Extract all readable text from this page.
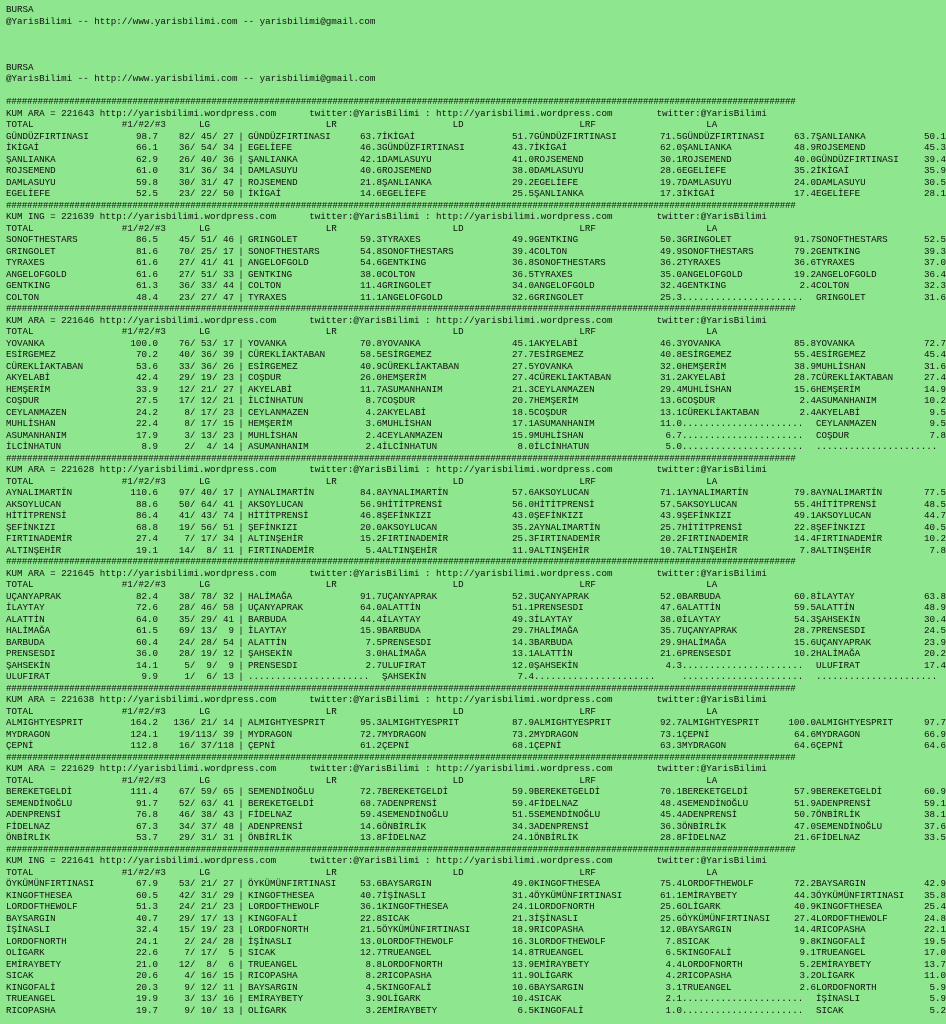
BURSA
@YarisBilimi -- http://www.yarisbilimi.com -- yarisbilimi@gmail.com
BURSA
@YarisBilimi -- http://www.yarisbilimi.com -- yarisbilimi@gmail.com
######################################################################################################################################################
KUM ARA = 221643 http://yarisbilimi.wordpress.com      twitter:@YarisBilimi : http://yarisbilimi.wordpress.com        twitter:@YarisBilimi
TOTAL                #1/#2/#3      LG                     LR                     LD                     LRF                    LA
GÜNDÜZFIRTINASI	98.7	82/ 45/ 27 | GÜNDÜZFIRTINASI	63.7 İKİGAİ	51.7 GÜNDÜZFIRTINASI	71.5 GÜNDÜZFIRTINASI	63.7 ŞANLIANKA	50.1
İKİGAİ	66.1	36/ 54/ 34 | EGELİEFE	46.3 GÜNDÜZFIRTINASI	43.7 İKİGAİ	62.0 ŞANLIANKA	48.9 ROJSEMEND	45.3
ŞANLIANKA	62.9	26/ 40/ 36 | ŞANLIANKA	42.1 DAMLASUYU	41.0 ROJSEMEND	30.1 ROJSEMEND	40.0 GÜNDÜZFIRTINASI	39.4
ROJSEMEND	61.0	31/ 36/ 34 | DAMLASUYU	40.6 ROJSEMEND	38.0 DAMLASUYU	28.6 EGELİEFE	35.2 İKİGAİ	35.9
DAMLASUYU	59.8	30/ 31/ 47 | ROJSEMEND	21.8 ŞANLIANKA	29.2 EGELİEFE	19.7 DAMLASUYU	24.0 DAMLASUYU	30.5
EGELİEFE	52.5	23/ 22/ 50 | İKİGAİ	14.6 EGELİEFE	25.5 ŞANLIANKA	17.3 İKİGAİ	17.4 EGELİEFE	28.1
######################################################################################################################################################
KUM ING = 221639 http://yarisbilimi.wordpress.com      twitter:@YarisBilimi : http://yarisbilimi.wordpress.com        twitter:@YarisBilimi
TOTAL                #1/#2/#3      LG                     LR                     LD                     LRF                    LA
SONOFTHESTARS	86.5	45/ 51/ 46 | GRINGOLET	59.3 TYRAXES	49.9 GENTKING	50.3 GRINGOLET	91.7 SONOFTHESTARS	52.5
GRINGOLET	81.6	70/ 25/ 17 | SONOFTHESTARS	54.8 SONOFTHESTARS	39.4 COLTON	49.9 SONOFTHESTARS	79.2 GENTKING	39.3
TYRAXES	61.6	27/ 41/ 41 | ANGELOFGOLD	54.6 GENTKING	36.8 SONOFTHESTARS	36.2 TYRAXES	36.6 TYRAXES	37.0
ANGELOFGOLD	61.6	27/ 51/ 33 | GENTKING	38.0 COLTON	36.5 TYRAXES	35.0 ANGELOFGOLD	19.2 ANGELOFGOLD	36.4
GENTKING	61.3	36/ 33/ 44 | COLTON	11.4 GRINGOLET	34.0 ANGELOFGOLD	32.4 GENTKING	2.4 COLTON	32.3
COLTON	48.4	23/ 27/ 47 | TYRAXES	11.1 ANGELOFGOLD	32.6 GRINGOLET	25.3 ...................... GRINGOLET	31.6
######################################################################################################################################################
KUM ARA = 221646 http://yarisbilimi.wordpress.com      twitter:@YarisBilimi : http://yarisbilimi.wordpress.com        twitter:@YarisBilimi
TOTAL                #1/#2/#3      LG                     LR                     LD                     LRF                    LA
YOVANKA	100.0	76/ 53/ 17 | YOVANKA	70.8 YOVANKA	45.1 AKYELABİ	46.3 YOVANKA	85.8 YOVANKA	72.7
ESİRGEMEZ	70.2	40/ 36/ 39 | CÜREKLİAKTABAN	58.5 ESİRGEMEZ	27.7 ESİRGEMEZ	40.8 ESİRGEMEZ	55.4 ESİRGEMEZ	45.4
CÜREKLİAKTABAN	53.6	33/ 36/ 26 | ESİRGEMEZ	40.9 CÜREKLİAKTABAN	27.5 YOVANKA	32.0 HEMŞERİM	38.9 MUHLİSHAN	31.6
AKYELABİ	42.4	29/ 19/ 23 | COŞDUR	26.0 HEMŞERİM	27.4 CÜREKLİAKTABAN	31.2 AKYELABİ	28.7 CÜREKLİAKTABAN	27.4
HEMŞERİM	33.9	12/ 21/ 27 | AKYELABİ	11.7 ASUMANHANIM	21.3 CEYLANMAZEN	29.4 MUHLİSHAN	15.6 HEMŞERİM	14.9
COŞDUR	27.5	17/ 12/ 21 | İLCİNHATUN	8.7 COŞDUR	20.7 HEMŞERİM	13.6 COŞDUR	2.4 ASUMANHANIM	10.2
CEYLANMAZEN	24.2	8/ 17/ 23 | CEYLANMAZEN	4.2 AKYELABİ	18.5 COŞDUR	13.1 CÜREKLİAKTABAN	2.4 AKYELABİ	9.5
MUHLİSHAN	22.4	8/ 17/ 15 | HEMŞERİM	3.6 MUHLİSHAN	17.1 ASUMANHANIM	11.0 ...................... CEYLANMAZEN	9.5
ASUMANHANIM	17.9	3/ 13/ 23 | MUHLİSHAN	2.4 CEYLANMAZEN	15.9 MUHLİSHAN	6.7 ...................... COŞDUR	7.8
İLCİNHATUN	8.9	2/  4/ 14 | ASUMANHANIM	2.4 İLCİNHATUN	8.0 İLCİNHATUN	5.0 ...................... ......................
######################################################################################################################################################
KUM ARA = 221628 http://yarisbilimi.wordpress.com      twitter:@YarisBilimi : http://yarisbilimi.wordpress.com        twitter:@YarisBilimi
TOTAL                #1/#2/#3      LG                     LR                     LD                     LRF                    LA
AYNALIMARTİN	110.6	97/ 40/ 17 | AYNALIMARTİN	84.8 AYNALIMARTİN	57.6 AKSOYLUCAN	71.1 AYNALIMARTİN	79.8 AYNALIMARTİN	77.5
AKSOYLUCAN	88.6	50/ 64/ 41 | AKSOYLUCAN	56.9 HİTİTPRENSİ	56.0 HİTİTPRENSİ	57.5 AKSOYLUCAN	55.4 HİTİTPRENSİ	48.5
HİTİTPRENSİ	86.4	41/ 43/ 74 | HİTİTPRENSİ	46.8 ŞEFİNKIZI	43.0 ŞEFİNKIZI	43.9 ŞEFİNKIZI	49.1 AKSOYLUCAN	44.7
ŞEFİNKIZI	68.8	19/ 56/ 51 | ŞEFİNKIZI	20.0 AKSOYLUCAN	35.2 AYNALIMARTİN	25.7 HİTİTPRENSİ	22.8 ŞEFİNKIZI	40.5
FIRTINADEMİR	27.4	7/ 17/ 34 | ALTINŞEHİR	15.2 FIRTINADEMİR	25.3 FIRTINADEMİR	20.2 FIRTINADEMİR	14.4 FIRTINADEMİR	10.2
ALTINŞEHİR	19.1	14/  8/ 11 | FIRTINADEMİR	5.4 ALTINŞEHİR	11.9 ALTINŞEHİR	10.7 ALTINŞEHİR	7.8 ALTINŞEHİR	7.8
######################################################################################################################################################
KUM ARA = 221645 http://yarisbilimi.wordpress.com      twitter:@YarisBilimi : http://yarisbilimi.wordpress.com        twitter:@YarisBilimi
TOTAL                #1/#2/#3      LG                     LR                     LD                     LRF                    LA
UÇANYAPRAK	82.4	38/ 78/ 32 | HALİMAĞA	91.7 UÇANYAPRAK	52.3 UÇANYAPRAK	52.0 BARBUDA	60.8 İLAYTAY	63.8
İLAYTAY	72.6	28/ 46/ 58 | UÇANYAPRAK	64.0 ALATTİN	51.1 PRENSESDI	47.6 ALATTİN	59.5 ALATTİN	48.9
ALATTİN	64.0	35/ 29/ 41 | BARBUDA	44.4 İLAYTAY	49.3 İLAYTAY	38.0 İLAYTAY	54.3 ŞAHSEKİN	30.4
HALİMAĞA	61.5	69/ 13/  9 | İLAYTAY	15.9 BARBUDA	29.7 HALİMAĞA	35.7 UÇANYAPRAK	28.7 PRENSESDI	24.5
BARBUDA	60.4	24/ 28/ 54 | ALATTİN	7.5 PRENSESDI	14.3 BARBUDA	29.9 HALİMAĞA	15.6 UÇANYAPRAK	23.9
PRENSESDI	36.0	28/ 19/ 12 | ŞAHSEKİN	3.0 HALİMAĞA	13.1 ALATTİN	21.6 PRENSESDI	10.2 HALİMAĞA	20.2
ŞAHSEKİN	14.1	5/  9/  9 | PRENSESDI	2.7 ULUFIRAT	12.0 ŞAHSEKİN	4.3 ...................... ULUFIRAT	17.4
ULUFIRAT	9.9	1/  6/ 13 | ...................... ŞAHSEKİN	7.4 ......................	...................... ......................
######################################################################################################################################################
KUM ARA = 221638 http://yarisbilimi.wordpress.com      twitter:@YarisBilimi : http://yarisbilimi.wordpress.com        twitter:@YarisBilimi
TOTAL                #1/#2/#3      LG                     LR                     LD                     LRF                    LA
ALMIGHTYESPRIT	164.2	136/ 21/ 14 | ALMIGHTYESPRIT	95.3 ALMIGHTYESPRIT	87.9 ALMIGHTYESPRIT	92.7 ALMIGHTYESPRIT	100.0 ALMIGHTYESPRIT	97.7
MYDRAGON	124.1	19/113/ 39 | MYDRAGON	72.7 MYDRAGON	73.2 MYDRAGON	73.1 ÇEPNİ	64.6 MYDRAGON	66.9
ÇEPNİ	112.8	16/ 37/118 | ÇEPNİ	61.2 ÇEPNİ	68.1 ÇEPNİ	63.3 MYDRAGON	64.6 ÇEPNİ	64.6
######################################################################################################################################################
KUM ARA = 221629 http://yarisbilimi.wordpress.com      twitter:@YarisBilimi : http://yarisbilimi.wordpress.com        twitter:@YarisBilimi
TOTAL                #1/#2/#3      LG                     LR                     LD                     LRF                    LA
BEREKETGELDİ	111.4	67/ 59/ 65 | SEMENDİNOĞLU	72.7 BEREKETGELDİ	59.9 BEREKETGELDİ	70.1 BEREKETGELDİ	57.9 BEREKETGELDİ	60.9
SEMENDİNOĞLU	91.7	52/ 63/ 41 | BEREKETGELDİ	68.7 ADENPRENSİ	59.4 FİDELNAZ	48.4 SEMENDİNOĞLU	51.9 ADENPRENSİ	59.1
ADENPRENSİ	76.8	46/ 38/ 43 | FİDELNAZ	59.4 SEMENDİNOĞLU	51.5 SEMENDİNOĞLU	45.4 ADENPRENSİ	50.7 ÖNBİRLİK	38.1
FİDELNAZ	67.3	34/ 37/ 48 | ADENPRENSİ	14.6 ÖNBİRLİK	34.3 ADENPRENSİ	36.3 ÖNBİRLİK	47.0 SEMENDİNOĞLU	37.6
ÖNBİRLİK	53.7	29/ 31/ 31 | ÖNBİRLİK	13.8 FİDELNAZ	24.1 ÖNBİRLİK	28.8 FİDELNAZ	21.6 FİDELNAZ	33.5
######################################################################################################################################################
KUM ING = 221641 http://yarisbilimi.wordpress.com      twitter:@YarisBilimi : http://yarisbilimi.wordpress.com        twitter:@YarisBilimi
TOTAL                #1/#2/#3      LG                     LR                     LD                     LRF                    LA
ÖYKÜMÜNFIRTINASI	67.9	53/ 21/ 27 | ÖYKÜMÜNFIRTINASI	53.6 BAYSARGIN	49.0 KINGOFTHESEA	75.4 LORDOFTHEWOLF	72.2 BAYSARGIN	42.9
KINGOFTHESEA	60.5	42/ 31/ 29 | KINGOFTHESEA	40.7 İŞİNASLI	31.4 ÖYKÜMÜNFIRTINASI	61.1 EMİRAYBETY	44.3 ÖYKÜMÜNFIRTINASI	35.8
LORDOFTHEWOLF	51.3	24/ 21/ 23 | LORDOFTHEWOLF	36.1 KINGOFTHESEA	24.1 LORDOFNORTH	25.6 OLİGARK	40.9 KINGOFTHESEA	25.4
BAYSARGIN	40.7	29/ 17/ 13 | KINGOFALİ	22.8 SICAK	21.3 İŞİNASLI	25.6 ÖYKÜMÜNFIRTINASI	27.4 LORDOFTHEWOLF	24.8
İŞİNASLI	32.4	15/ 19/ 23 | LORDOFNORTH	21.5 ÖYKÜMÜNFIRTINASI	18.9 RICOPASHA	12.0 BAYSARGIN	14.4 RICOPASHA	22.1
LORDOFNORTH	24.1	2/ 24/ 28 | İŞİNASLI	13.0 LORDOFTHEWOLF	16.3 LORDOFTHEWOLF	7.8 SICAK	9.8 KINGOFALİ	19.5
OLİGARK	22.6	7/ 17/  5 | SICAK	12.7 TRUEANGEL	14.8 TRUEANGEL	6.5 KINGOFALİ	9.1 TRUEANGEL	17.0
EMİRAYBETY	21.0	12/  8/  6 | TRUEANGEL	8.8 LORDOFNORTH	13.9 EMİRAYBETY	4.4 LORDOFNORTH	5.2 EMİRAYBETY	13.7
SICAK	20.6	4/ 16/ 15 | RICOPASHA	8.2 RICOPASHA	11.9 OLİGARK	4.2 RICOPASHA	3.2 OLİGARK	11.0
KINGOFALİ	20.3	9/ 12/ 11 | BAYSARGIN	4.5 KINGOFALİ	10.6 BAYSARGIN	3.1 TRUEANGEL	2.6 LORDOFNORTH	5.9
TRUEANGEL	19.9	3/ 13/ 16 | EMİRAYBETY	3.9 OLİGARK	10.4 SICAK	2.1 ...................... İŞİNASLI	5.9
RICOPASHA	19.7	9/ 10/ 13 | OLİGARK	3.2 EMİRAYBETY	6.5 KINGOFALİ	1.0 ...................... SICAK	5.2
